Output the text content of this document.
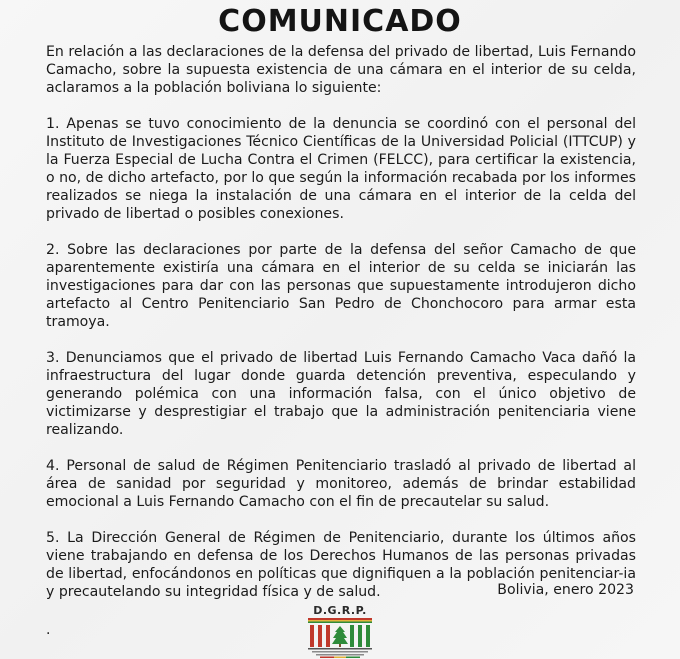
COMUNICADO

En relación a las declaraciones de la defensa del privado de libertad, Luis Fernando Camacho, sobre la supuesta existencia de una cámara en el interior de su celda, aclaramos a la población boliviana lo siguiente:

1. Apenas se tuvo conocimiento de la denuncia se coordinó con el personal del Instituto de Investigaciones Técnico Científicas de la Universidad Policial (ITTCUP) y la Fuerza Especial de Lucha Contra el Crimen (FELCC), para certificar la existencia, o no, de dicho artefacto, por lo que según la información recabada por los informes realizados se niega la instalación de una cámara en el interior de la celda del privado de libertad o posibles conexiones.

2. Sobre las declaraciones por parte de la defensa del señor Camacho de que aparentemente existiría una cámara en el interior de su celda se iniciarán las investigaciones para dar con las personas que supuestamente introdujeron dicho artefacto al Centro Penitenciario San Pedro de Chonchocoro para armar esta tramoya.

3. Denunciamos que el privado de libertad Luis Fernando Camacho Vaca dañó la infraestructura del lugar donde guarda detención preventiva, especulando y generando polémica con una información falsa, con el único objetivo de victimizarse y desprestigiar el trabajo que la administración penitenciaria viene realizando.

4. Personal de salud de Régimen Penitenciario trasladó al privado de libertad al área de sanidad por seguridad y monitoreo, además de brindar estabilidad emocional a Luis Fernando Camacho con el fin de precautelar su salud.

5. La Dirección General de Régimen de Penitenciario, durante los últimos años viene trabajando en defensa de los Derechos Humanos de las personas privadas de libertad, enfocándonos en políticas que dignifiquen a la población penitenciar-ia y precautelando su integridad física y de salud.	Bolivia, enero 2023
.
D.G.R.P.
